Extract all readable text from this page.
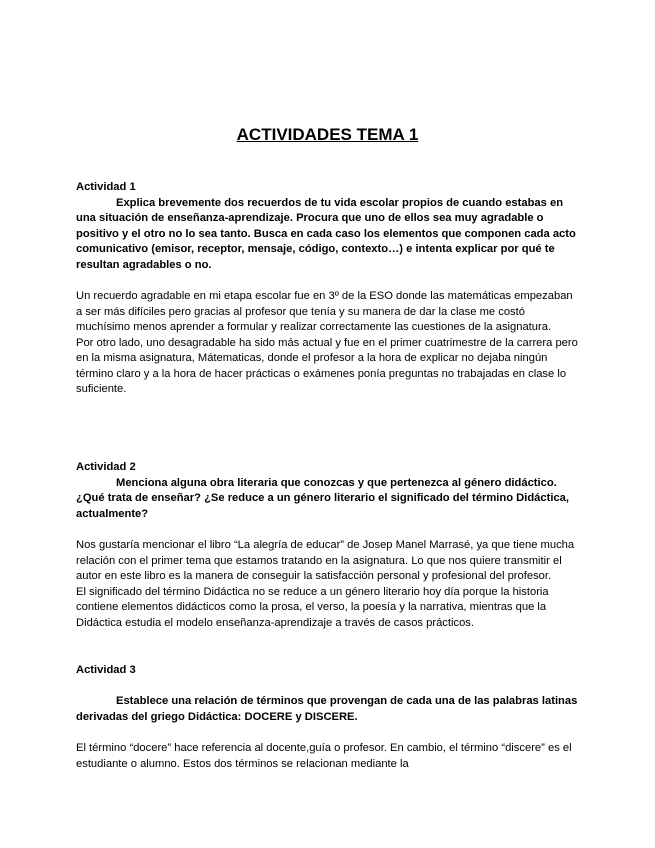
ACTIVIDADES TEMA 1

Actividad 1

Explica brevemente dos recuerdos de tu vida escolar propios de cuando estabas en una situación de enseñanza-aprendizaje. Procura que uno de ellos sea muy agradable o positivo y el otro no lo sea tanto. Busca en cada caso los elementos que componen cada acto comunicativo (emisor, receptor, mensaje, código, contexto…) e intenta explicar por qué te resultan agradables o no.

Un recuerdo agradable en mi etapa escolar fue en 3º de la ESO donde las matemáticas empezaban a ser más difíciles pero gracias al profesor que tenía y su manera de dar la clase me costó muchísimo menos aprender a formular y realizar correctamente las cuestiones de la asignatura.

Por otro lado, uno desagradable ha sido más actual y fue en el primer cuatrimestre de la carrera pero en la misma asignatura, Mátematicas, donde el profesor a la hora de explicar no dejaba ningún término claro y a la hora de hacer prácticas o exámenes ponía preguntas no trabajadas en clase lo suficiente.

Actividad 2

Menciona alguna obra literaria que conozcas y que pertenezca al género didáctico. ¿Qué trata de enseñar? ¿Se reduce a un género literario el significado del término Didáctica, actualmente?

Nos gustaría mencionar el libro “La alegría de educar” de Josep Manel Marrasé, ya que tiene mucha relación con el primer tema que estamos tratando en la asignatura. Lo que nos quiere transmitir el autor en este libro es la manera de conseguir la satisfacción personal y profesional del profesor.

El significado del término Didáctica no se reduce a un género literario hoy día porque la historia contiene elementos didácticos como la prosa, el verso, la poesía y la narrativa, mientras que la Didáctica estudia el modelo enseñanza-aprendizaje a través de casos prácticos.

Actividad 3

Establece una relación de términos que provengan de cada una de las palabras latinas derivadas del griego Didáctica: DOCERE y DISCERE.

El término “docere” hace referencia al docente,guía o profesor. En cambio, el término “discere” es el estudiante o alumno. Estos dos términos se relacionan mediante la
